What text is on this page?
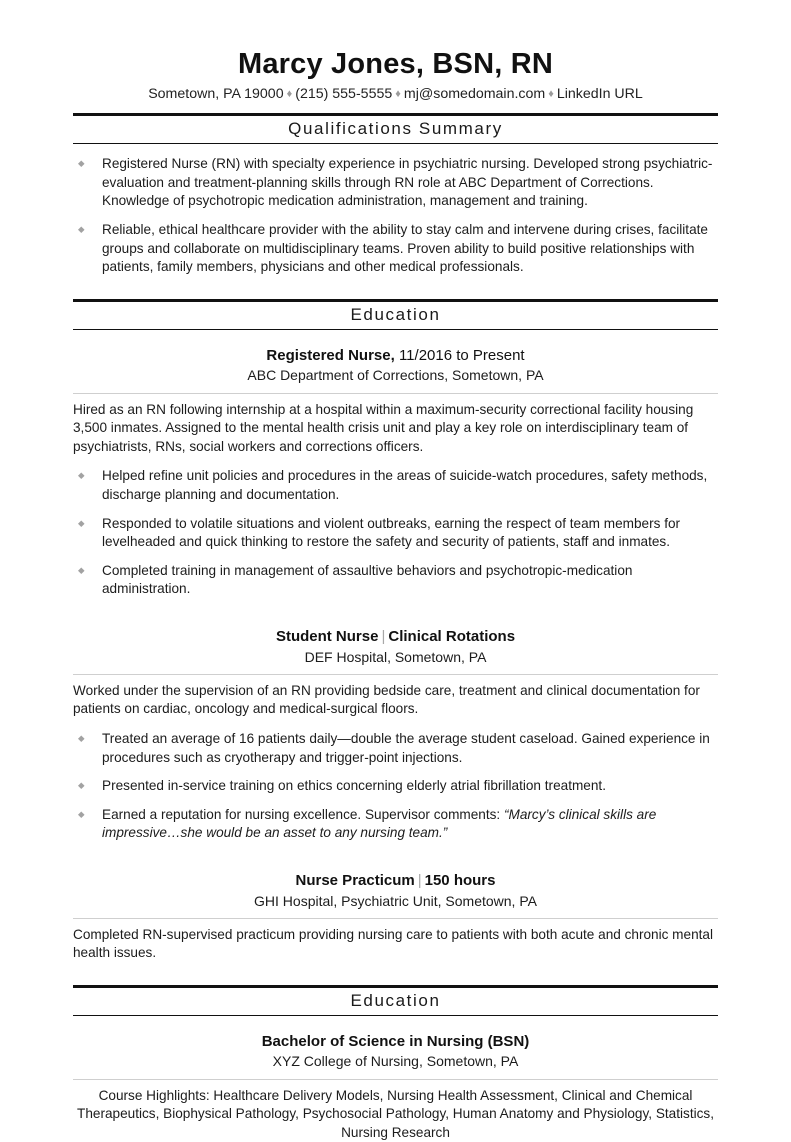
Marcy Jones, BSN, RN
Sometown, PA 19000 ♦ (215) 555-5555 ♦ mj@somedomain.com ♦ LinkedIn URL
Qualifications Summary
◆ Registered Nurse (RN) with specialty experience in psychiatric nursing. Developed strong psychiatric-evaluation and treatment-planning skills through RN role at ABC Department of Corrections. Knowledge of psychotropic medication administration, management and training.
◆ Reliable, ethical healthcare provider with the ability to stay calm and intervene during crises, facilitate groups and collaborate on multidisciplinary teams. Proven ability to build positive relationships with patients, family members, physicians and other medical professionals.
Education
Registered Nurse, 11/2016 to Present
ABC Department of Corrections, Sometown, PA
Hired as an RN following internship at a hospital within a maximum-security correctional facility housing 3,500 inmates. Assigned to the mental health crisis unit and play a key role on interdisciplinary team of psychiatrists, RNs, social workers and corrections officers.
◆ Helped refine unit policies and procedures in the areas of suicide-watch procedures, safety methods, discharge planning and documentation.
◆ Responded to volatile situations and violent outbreaks, earning the respect of team members for levelheaded and quick thinking to restore the safety and security of patients, staff and inmates.
◆ Completed training in management of assaultive behaviors and psychotropic-medication administration.
Student Nurse | Clinical Rotations
DEF Hospital, Sometown, PA
Worked under the supervision of an RN providing bedside care, treatment and clinical documentation for patients on cardiac, oncology and medical-surgical floors.
◆ Treated an average of 16 patients daily—double the average student caseload. Gained experience in procedures such as cryotherapy and trigger-point injections.
◆ Presented in-service training on ethics concerning elderly atrial fibrillation treatment.
◆ Earned a reputation for nursing excellence. Supervisor comments: “Marcy’s clinical skills are impressive…she would be an asset to any nursing team.”
Nurse Practicum | 150 hours
GHI Hospital, Psychiatric Unit, Sometown, PA
Completed RN-supervised practicum providing nursing care to patients with both acute and chronic mental health issues.
Education
Bachelor of Science in Nursing (BSN)
XYZ College of Nursing, Sometown, PA
Course Highlights: Healthcare Delivery Models, Nursing Health Assessment, Clinical and Chemical Therapeutics, Biophysical Pathology, Psychosocial Pathology, Human Anatomy and Physiology, Statistics, Nursing Research
